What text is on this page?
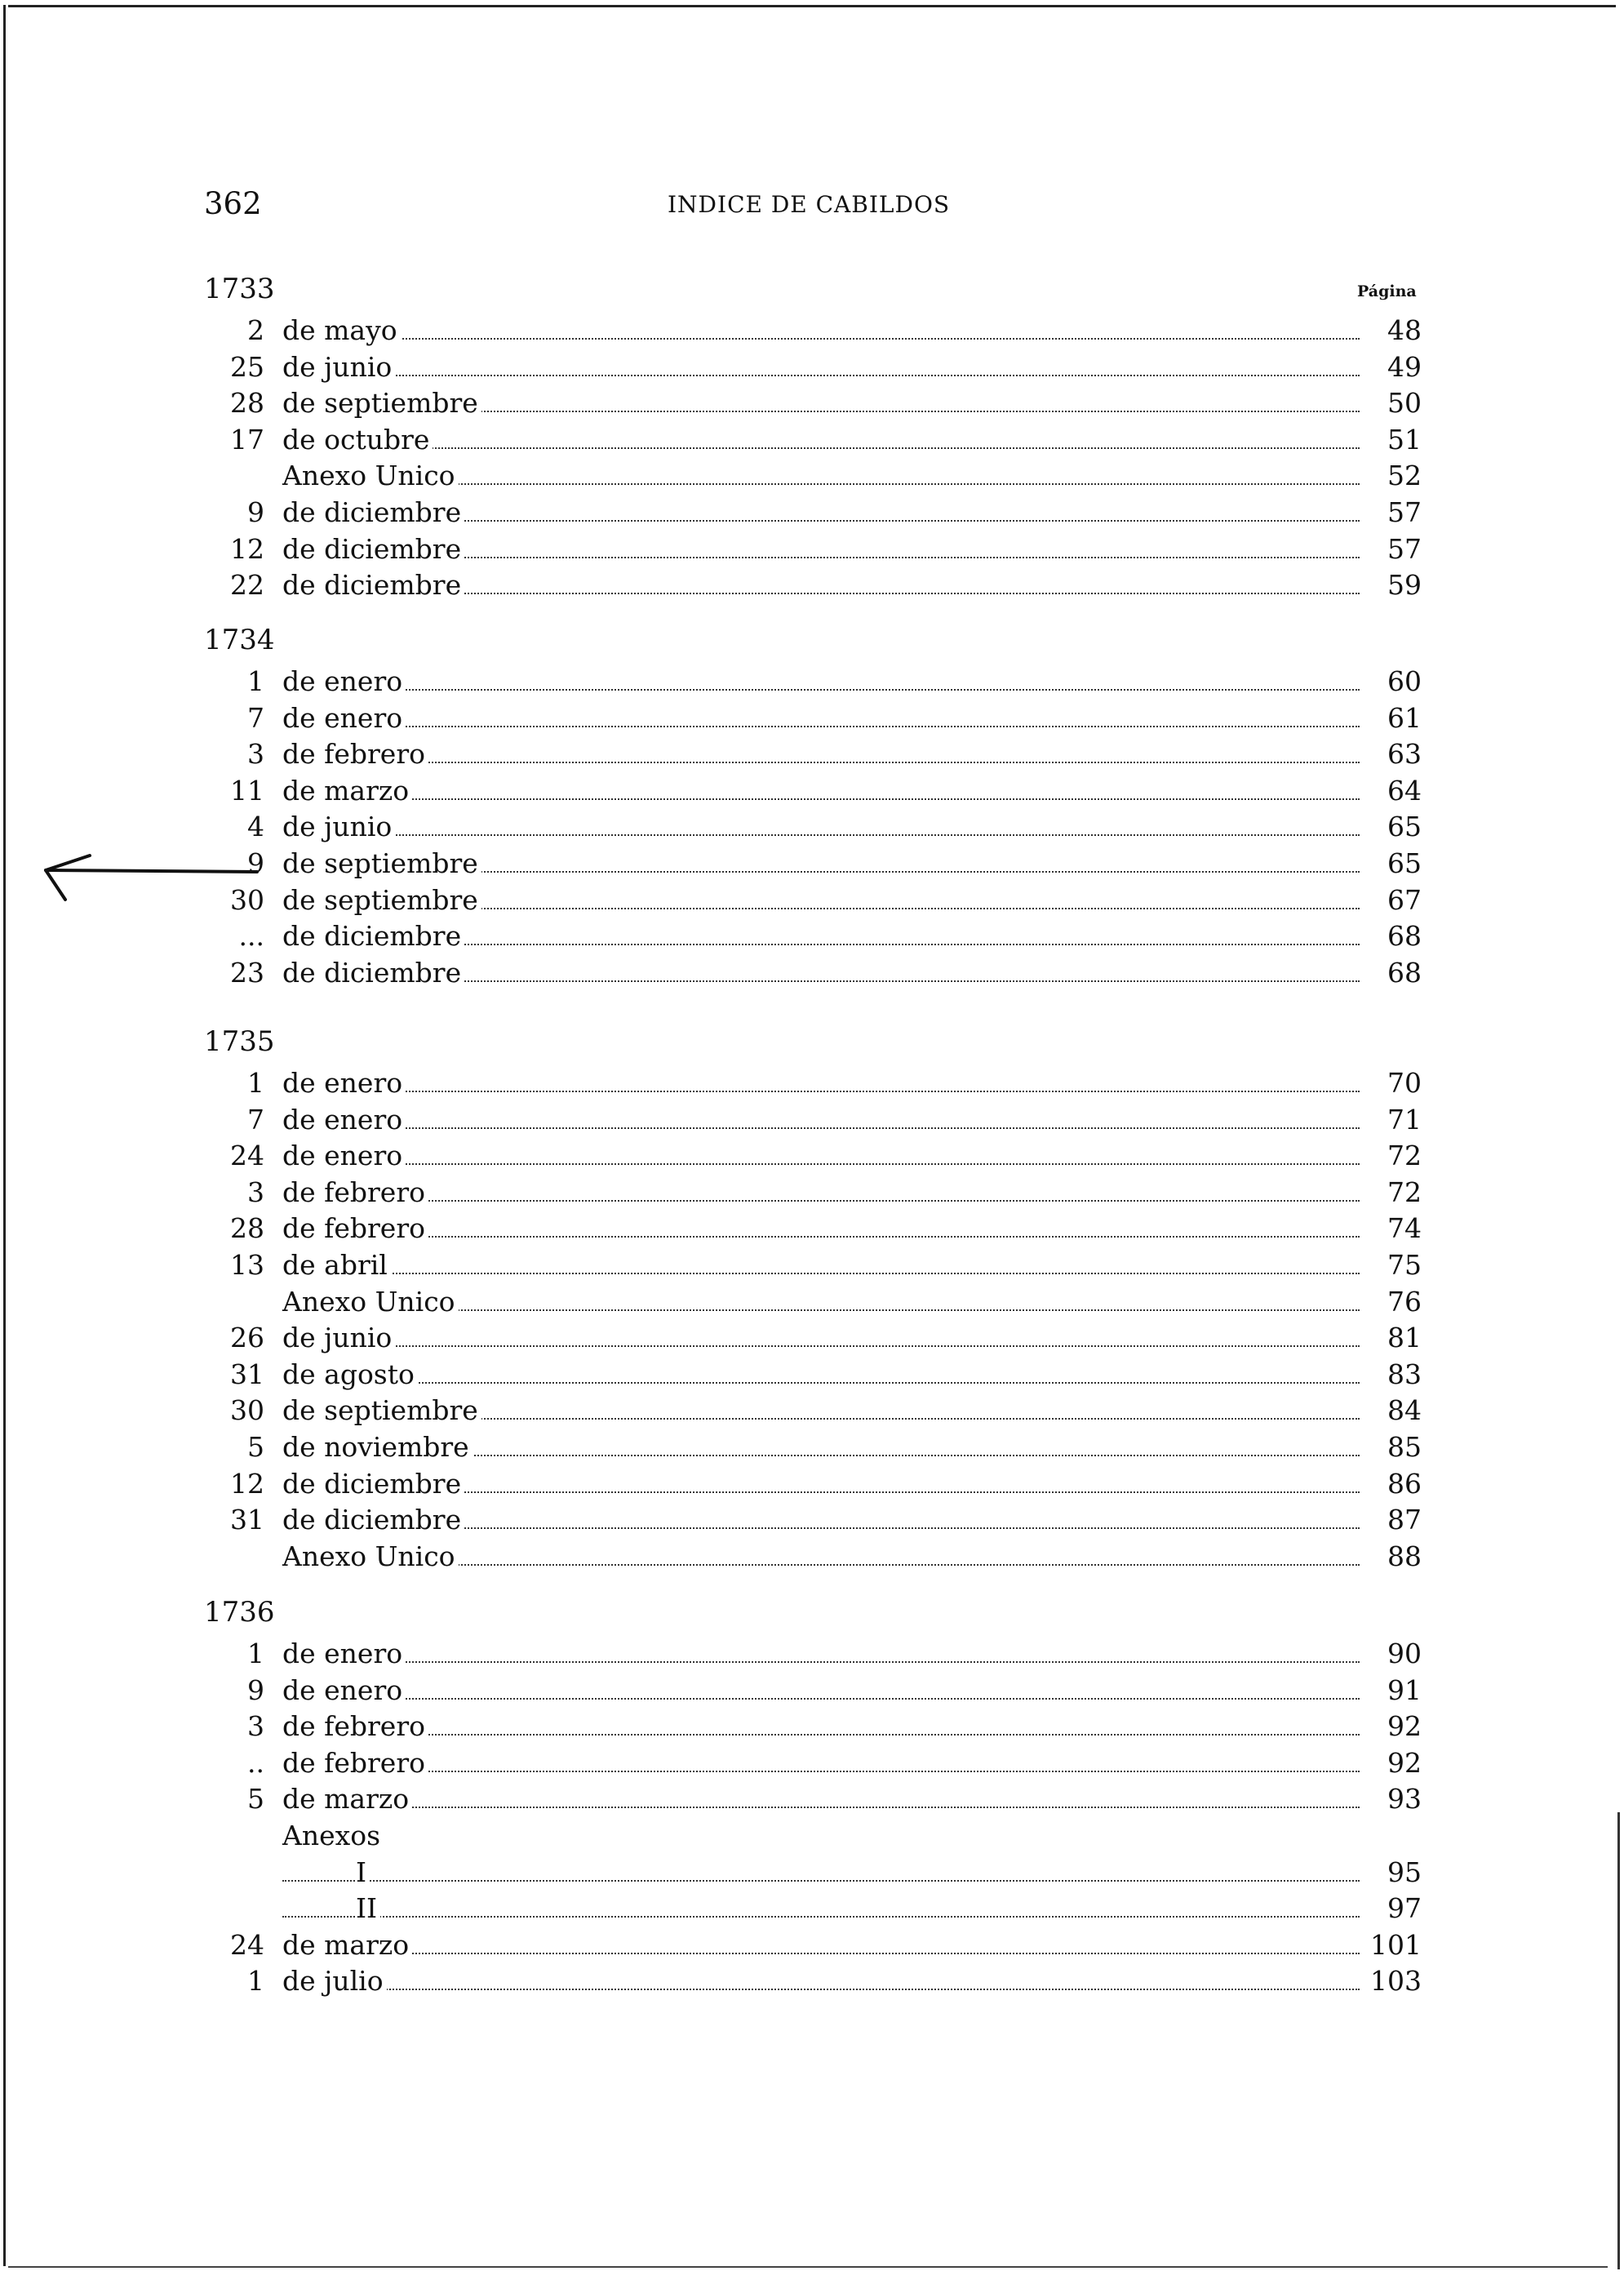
362	INDICE DE CABILDOS
Página
1733
2 de mayo	48
25 de junio	49
28 de septiembre	50
17 de octubre	51
Anexo Unico	52
9 de diciembre	57
12 de diciembre	57
22 de diciembre	59
1734
1 de enero	60
7 de enero	61
3 de febrero	63
11 de marzo	64
4 de junio	65
9 de septiembre	65
30 de septiembre	67
... de diciembre	68
23 de diciembre	68
1735
1 de enero	70
7 de enero	71
24 de enero	72
3 de febrero	72
28 de febrero	74
13 de abril	75
Anexo Unico	76
26 de junio	81
31 de agosto	83
30 de septiembre	84
5 de noviembre	85
12 de diciembre	86
31 de diciembre	87
Anexo Unico	88
1736
1 de enero	90
9 de enero	91
3 de febrero	92
.. de febrero	92
5 de marzo	93
Anexos
I	95
II	97
24 de marzo	101
1 de julio	103
